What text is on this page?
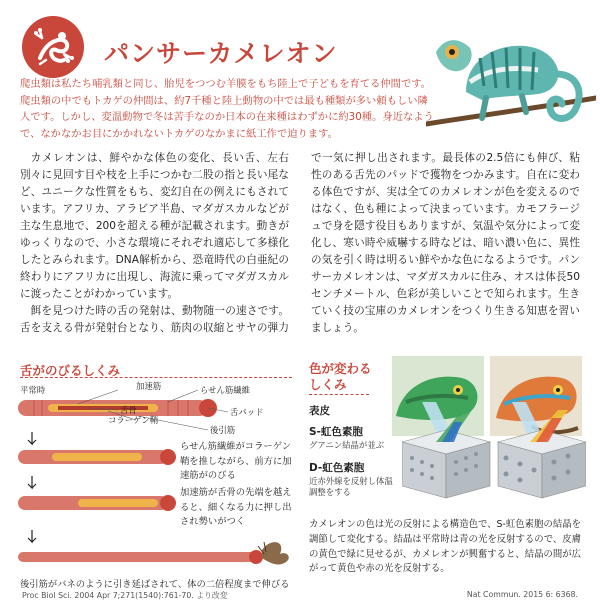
パンサーカメレオン
爬虫類は私たち哺乳類と同じ、胎児をつつむ羊膜をもち陸上で子どもを育てる仲間です。爬虫類の中でもトカゲの仲間は、約7千種と陸上動物の中では最も種類が多い頼もしい隣人です。しかし、変温動物で冬は苦手なのか日本の在来種はわずかに約30種。身近なようで、なかなかお目にかかれないトカゲのなかまに紙工作で迫ります。

カメレオンは、鮮やかな体色の変化、長い舌、左右別々に見回す目や枝を上手につかむ二股の指と長い尾など、ユニークな性質をもち、変幻自在の例えにもされています。アフリカ、アラビア半島、マダガスカルなどが主な生息地で、200を超える種が記載されます。動きがゆっくりなので、小さな環境にそれぞれ適応して多様化したとみられます。DNA解析から、恐竜時代の白亜紀の終わりにアフリカに出現し、海流に乗ってマダガスカルに渡ったことがわかっています。

餌を見つけた時の舌の発射は、動物随一の速さです。舌を支える骨が発射台となり、筋肉の収縮とサヤの弾力で一気に押し出されます。最長体の2.5倍にも伸び、粘性のある舌先のパッドで獲物をつかみます。自在に変わる体色ですが、実は全てのカメレオンが色を変えるのではなく、色も種によって決まっています。カモフラージュで身を隠す役目もありますが、気温や気分によって変化し、寒い時や威嚇する時などは、暗い濃い色に、異性の気を引く時は明るい鮮やかな色になるようです。パンサーカメレオンは、マダガスカルに住み、オスは体長50センチメートル、色彩が美しいことで知られます。生きていく技の宝庫のカメレオンをつくり生きる知恵を習いましょう。

舌がのびるしくみ
加速筋
平常時
舌骨
コラーゲン鞘
らせん筋繊維
舌パッド
後引筋
らせん筋繊維がコラーゲン鞘を推しながら、前方に加速筋がのびる
加速筋が舌骨の先端を越えると、細くなる力に押し出され勢いがつく
後引筋がバネのように引き延ばされて、体の二倍程度まで伸びる
Proc Biol Sci. 2004 Apr 7;271(1540):761-70. より改変	Nat Commun. 2015 6: 6368.
色が変わるしくみ
表皮
S-虹色素胞
グアニン結晶が並ぶ
D-虹色素胞
近赤外線を反射し体温調整をする
カメレオンの色は光の反射による構造色で、S-虹色素胞の結晶を調節して変化する。結晶は平常時は青の光を反射するので、皮膚の黄色で緑に見せるが、カメレオンが興奮すると、結晶の間が広がって黄色や赤の光を反射する。
